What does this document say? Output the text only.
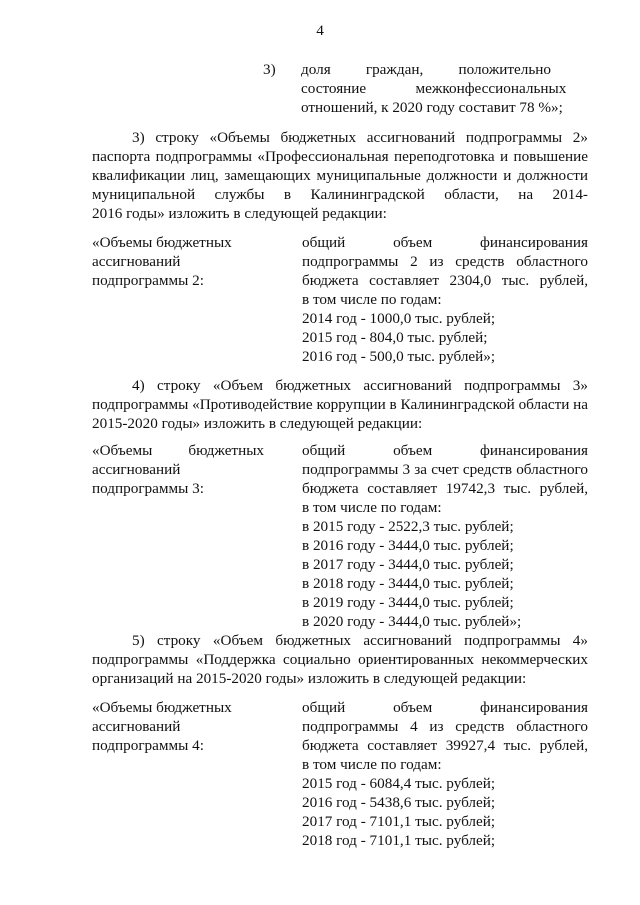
4
3) доля граждан, положительно
состояние             межконфессиональных
отношений, к 2020 году составит 78 %»;
3) строку «Объемы бюджетных ассигнований подпрограммы 2»
паспорта подпрограммы «Профессиональная переподготовка и повышение
квалификации лиц, замещающих муниципальные должности и должности
муниципальной службы в Калининградской области, на 2014-
2016 годы» изложить в следующей редакции:
«Объемы бюджетных
ассигнований
подпрограммы 2:
общий объем финансирования
подпрограммы 2 из средств областного
бюджета составляет 2304,0 тыс. рублей,
в том числе по годам:
2014 год - 1000,0 тыс. рублей;
2015 год - 804,0 тыс. рублей;
2016 год - 500,0 тыс. рублей»;
4) строку «Объем бюджетных ассигнований подпрограммы 3»
подпрограммы «Противодействие коррупции в Калининградской области на
2015-2020 годы» изложить в следующей редакции:
«Объемы бюджетных
ассигнований
подпрограммы 3:
общий объем финансирования
подпрограммы 3 за счет средств областного
бюджета составляет 19742,3 тыс. рублей,
в том числе по годам:
в 2015 году - 2522,3 тыс. рублей;
в 2016 году - 3444,0 тыс. рублей;
в 2017 году - 3444,0 тыс. рублей;
в 2018 году - 3444,0 тыс. рублей;
в 2019 году - 3444,0 тыс. рублей;
в 2020 году - 3444,0 тыс. рублей»;
5) строку «Объем бюджетных ассигнований подпрограммы 4»
подпрограммы «Поддержка социально ориентированных некоммерческих
организаций на 2015-2020 годы» изложить в следующей редакции:
«Объемы бюджетных
ассигнований
подпрограммы 4:
общий объем финансирования
подпрограммы 4 из средств областного
бюджета составляет 39927,4 тыс. рублей,
в том числе по годам:
2015 год - 6084,4 тыс. рублей;
2016 год - 5438,6 тыс. рублей;
2017 год - 7101,1 тыс. рублей;
2018 год - 7101,1 тыс. рублей;
